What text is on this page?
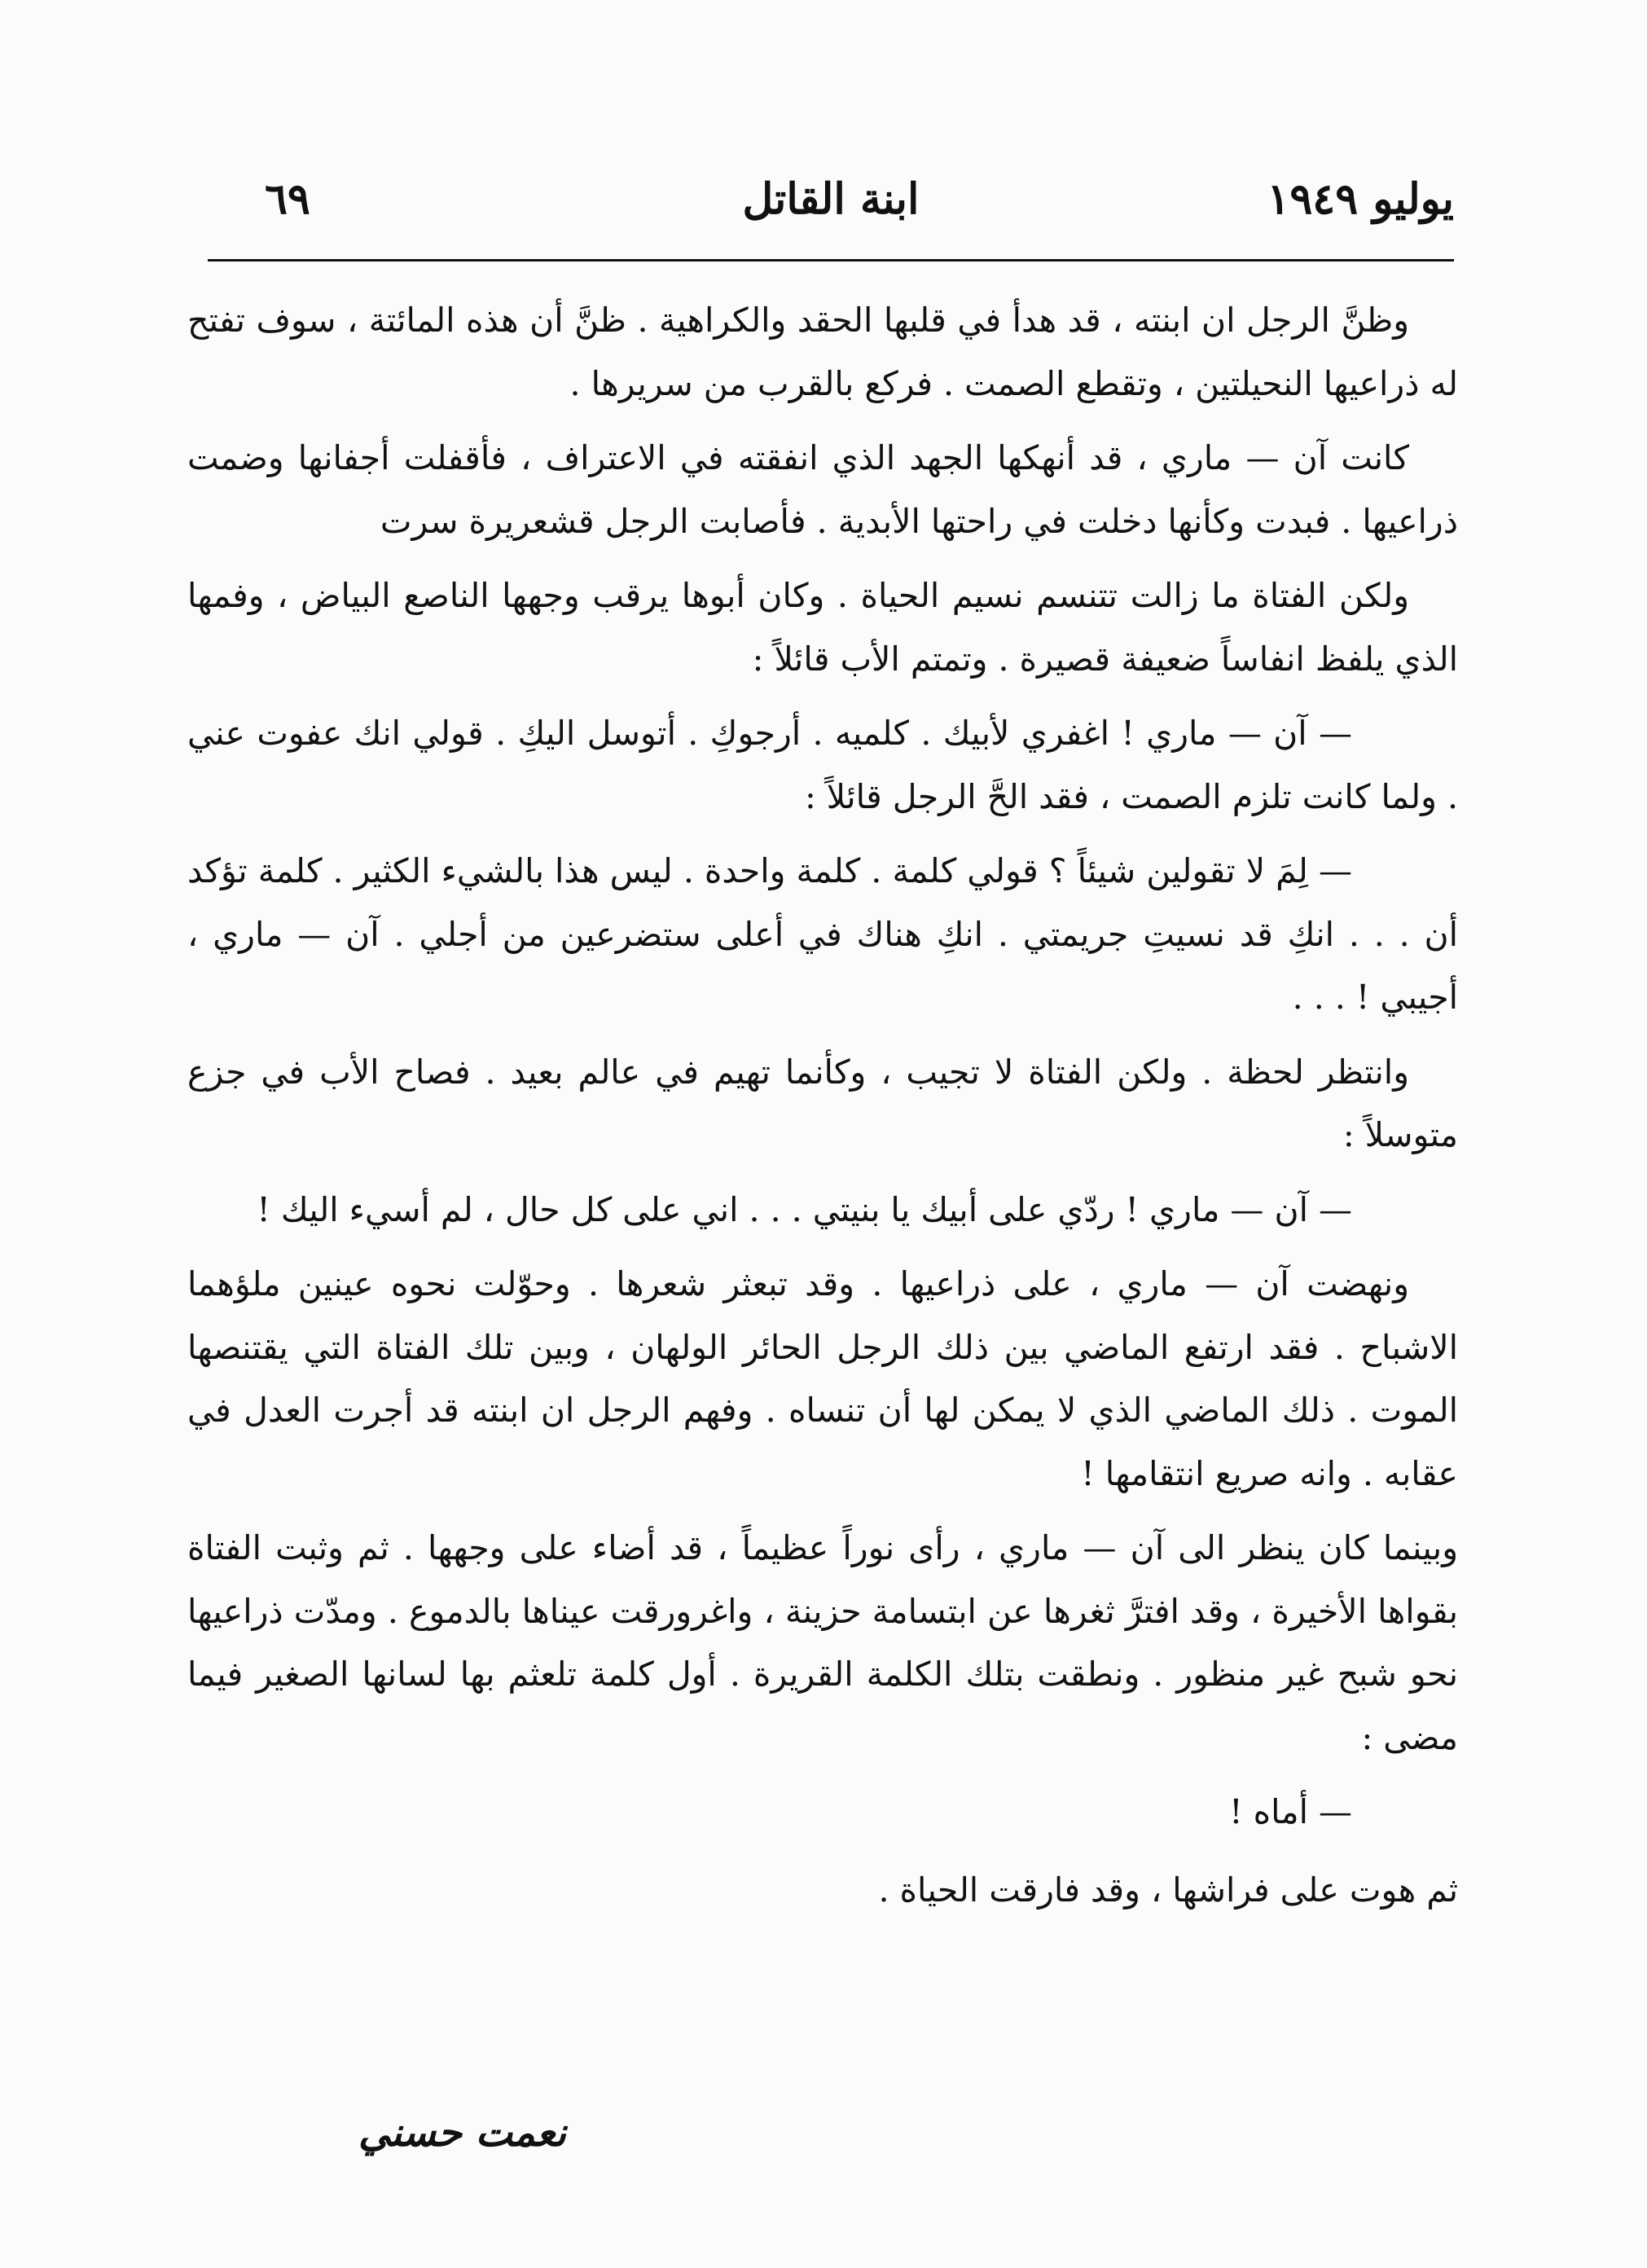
يوليو ١٩٤٩
ابنة القاتل
٦٩

وظنَّ الرجل ان ابنته ، قد هدأ في قلبها الحقد والكراهية . ظنَّ أن هذه المائتة ، سوف تفتح له ذراعيها النحيلتين ، وتقطع الصمت . فركع بالقرب من سريرها .

كانت آن — ماري ، قد أنهكها الجهد الذي انفقته في الاعتراف ، فأقفلت أجفانها وضمت ذراعيها . فبدت وكأنها دخلت في راحتها الأبدية . فأصابت الرجل قشعريرة سرت

ولكن الفتاة ما زالت تتنسم نسيم الحياة . وكان أبوها يرقب وجهها الناصع البياض ، وفمها الذي يلفظ انفاساً ضعيفة قصيرة . وتمتم الأب قائلاً :

— آن — ماري ! اغفري لأبيك . كلميه . أرجوكِ . أتوسل اليكِ . قولي انك عفوت عني . ولما كانت تلزم الصمت ، فقد الحَّ الرجل قائلاً :

— لِمَ لا تقولين شيئاً ؟ قولي كلمة . كلمة واحدة . ليس هذا بالشيء الكثير . كلمة تؤكد أن . . . انكِ قد نسيتِ جريمتي . انكِ هناك في أعلى ستضرعين من أجلي . آن — ماري ، أجيبي ! . . .

وانتظر لحظة . ولكن الفتاة لا تجيب ، وكأنما تهيم في عالم بعيد . فصاح الأب في جزع متوسلاً :

— آن — ماري ! ردّي على أبيك يا بنيتي . . . اني على كل حال ، لم أسيء اليك !

ونهضت آن — ماري ، على ذراعيها . وقد تبعثر شعرها . وحوّلت نحوه عينين ملؤهما الاشباح . فقد ارتفع الماضي بين ذلك الرجل الحائر الولهان ، وبين تلك الفتاة التي يقتنصها الموت . ذلك الماضي الذي لا يمكن لها أن تنساه . وفهم الرجل ان ابنته قد أجرت العدل في عقابه . وانه صريع انتقامها !

وبينما كان ينظر الى آن — ماري ، رأى نوراً عظيماً ، قد أضاء على وجهها . ثم وثبت الفتاة بقواها الأخيرة ، وقد افترَّ ثغرها عن ابتسامة حزينة ، واغرورقت عيناها بالدموع . ومدّت ذراعيها نحو شبح غير منظور . ونطقت بتلك الكلمة القريرة . أول كلمة تلعثم بها لسانها الصغير فيما مضى :

— أماه !

ثم هوت على فراشها ، وقد فارقت الحياة .

نعمت حسني
